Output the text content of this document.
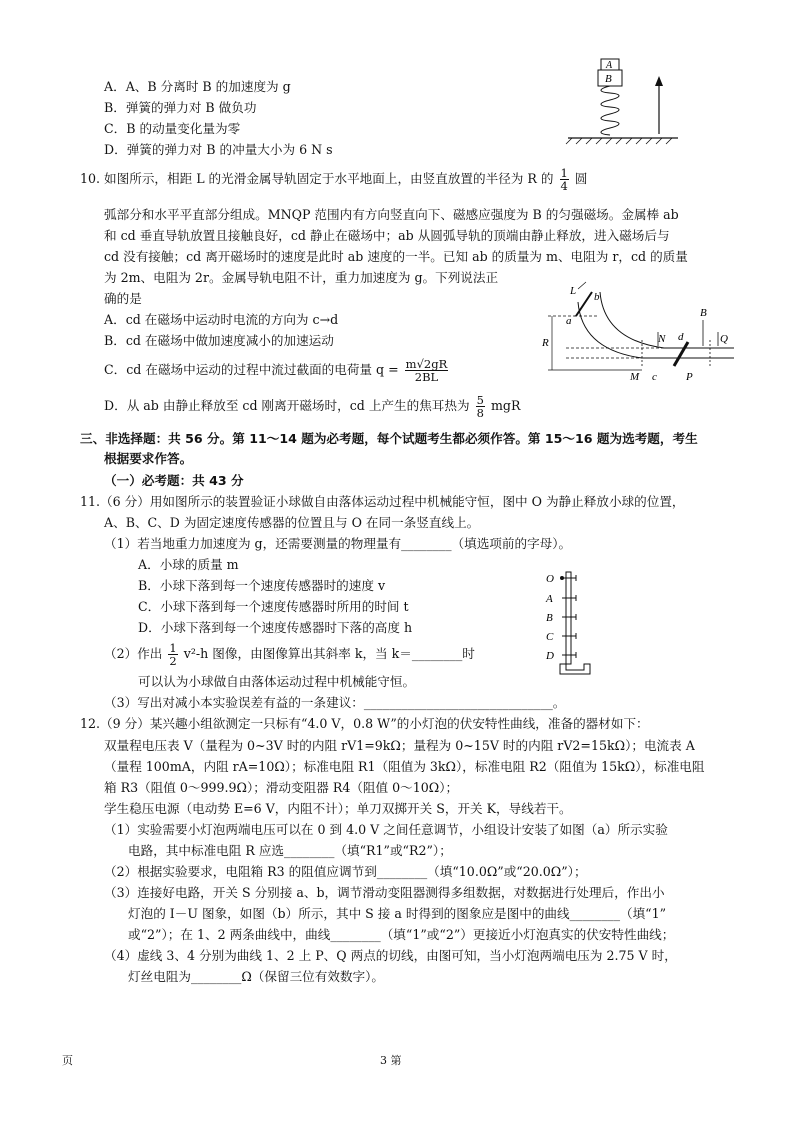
A．A、B 分离时 B 的加速度为 g
B．弹簧的弹力对 B 做负功
C．B 的动量变化量为零
D．弹簧的弹力对 B 的冲量大小为 6 N s
A
B
10. 如图所示，相距 L 的光滑金属导轨固定于水平地面上，由竖直放置的半径为 R 的 $\frac{1}{4}$ 圆
弧部分和水平平直部分组成。MNQP 范围内有方向竖直向下、磁感应强度为 B 的匀强磁场。金属棒 ab
和 cd 垂直导轨放置且接触良好，cd 静止在磁场中；ab 从圆弧导轨的顶端由静止释放，进入磁场后与
cd 没有接触；cd 离开磁场时的速度是此时 ab 速度的一半。已知 ab 的质量为 m、电阻为 r，cd 的质量
为 2m、电阻为 2r。金属导轨电阻不计，重力加速度为 g。下列说法正
确的是
A．cd 在磁场中运动时电流的方向为 c→d
B．cd 在磁场中做加速度减小的加速运动
C．cd 在磁场中运动的过程中流过截面的电荷量 $q = \frac{m√2gR}{2BL}$
D．从 ab 由静止释放至 cd 刚离开磁场时，cd 上产生的焦耳热为 $\frac{5}{8}$ mgR
L b
a
R
B
N d	Q
M c	P
三、非选择题：共 56 分。第 11～14 题为必考题，每个试题考生都必须作答。第 15～16 题为选考题，考生
根据要求作答。
（一）必考题：共 43 分
11.（6 分）用如图所示的装置验证小球做自由落体运动过程中机械能守恒，图中 O 为静止释放小球的位置，
A、B、C、D 为固定速度传感器的位置且与 O 在同一条竖直线上。
（1）若当地重力加速度为 g，还需要测量的物理量有________（填选项前的字母）。
A．小球的质量 m
B．小球下落到每一个速度传感器时的速度 v
C．小球下落到每一个速度传感器时所用的时间 t
D．小球下落到每一个速度传感器时下落的高度 h
（2）作出 $\frac{1}{2} v^2-h$ 图像，由图像算出其斜率 k，当 k＝________时
可以认为小球做自由落体运动过程中机械能守恒。
（3）写出对减小本实验误差有益的一条建议：______________________________。
O
A
B
C
D
12.（9 分）某兴趣小组欲测定一只标有“4.0 V，0.8 W”的小灯泡的伏安特性曲线，准备的器材如下：
双量程电压表 V（量程为 0~3V 时的内阻 rV1=9kΩ；量程为 0~15V 时的内阻 rV2=15kΩ）；电流表 A
（量程 100mA，内阻 rA=10Ω）；标准电阻 R1（阻值为 3kΩ），标准电阻 R2（阻值为 15kΩ），标准电阻
箱 R3（阻值 0～999.9Ω）；滑动变阻器 R4（阻值 0～10Ω）；
学生稳压电源（电动势 E=6 V，内阻不计）；单刀双掷开关 S，开关 K，导线若干。
（1）实验需要小灯泡两端电压可以在 0 到 4.0 V 之间任意调节，小组设计安装了如图（a）所示实验
电路，其中标准电阻 R 应选________（填“R1”或“R2”）；
（2）根据实验要求，电阻箱 R3 的阻值应调节到________（填“10.0Ω”或“20.0Ω”）；
（3）连接好电路，开关 S 分别接 a、b，调节滑动变阻器测得多组数据，对数据进行处理后，作出小
灯泡的 I－U 图象，如图（b）所示，其中 S 接 a 时得到的图象应是图中的曲线________（填“1”
或“2”）；在 1、2 两条曲线中，曲线________（填“1”或“2”）更接近小灯泡真实的伏安特性曲线；
（4）虚线 3、4 分别为曲线 1、2 上 P、Q 两点的切线，由图可知，当小灯泡两端电压为 2.75 V 时，
灯丝电阻为________Ω（保留三位有效数字）。
页	3 第
